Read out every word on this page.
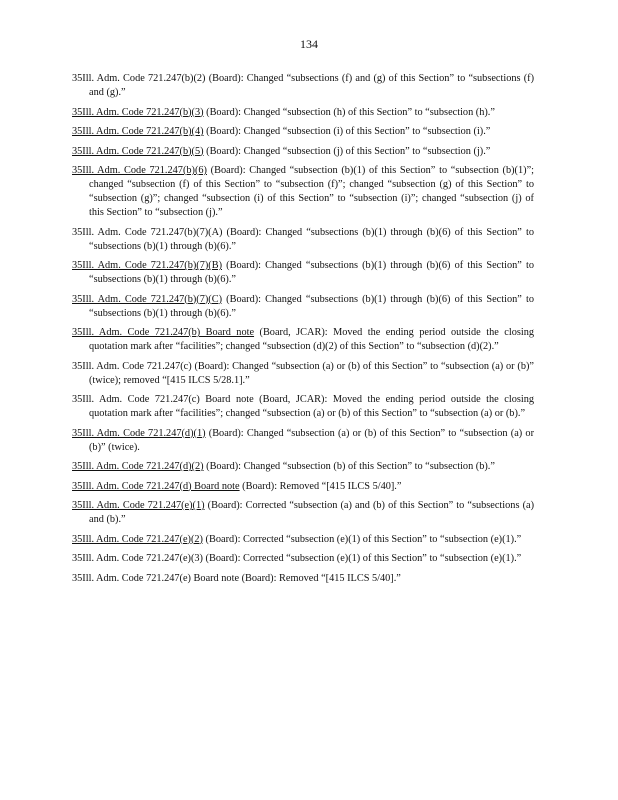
134
35Ill. Adm. Code 721.247(b)(2) (Board): Changed “subsections (f) and (g) of this Section” to “subsections (f) and (g).”
35Ill. Adm. Code 721.247(b)(3) (Board): Changed “subsection (h) of this Section” to “subsection (h).”
35Ill. Adm. Code 721.247(b)(4) (Board): Changed “subsection (i) of this Section” to “subsection (i).”
35Ill. Adm. Code 721.247(b)(5) (Board): Changed “subsection (j) of this Section” to “subsection (j).”
35Ill. Adm. Code 721.247(b)(6) (Board): Changed “subsection (b)(1) of this Section” to “subsection (b)(1)”; changed “subsection (f) of this Section” to “subsection (f)”; changed “subsection (g) of this Section” to “subsection (g)”; changed “subsection (i) of this Section” to “subsection (i)”; changed “subsection (j) of this Section” to “subsection (j).”
35Ill. Adm. Code 721.247(b)(7)(A) (Board): Changed “subsections (b)(1) through (b)(6) of this Section” to “subsections (b)(1) through (b)(6).”
35Ill. Adm. Code 721.247(b)(7)(B) (Board): Changed “subsections (b)(1) through (b)(6) of this Section” to “subsections (b)(1) through (b)(6).”
35Ill. Adm. Code 721.247(b)(7)(C) (Board): Changed “subsections (b)(1) through (b)(6) of this Section” to “subsections (b)(1) through (b)(6).”
35Ill. Adm. Code 721.247(b) Board note (Board, JCAR): Moved the ending period outside the closing quotation mark after “facilities”; changed “subsection (d)(2) of this Section” to “subsection (d)(2).”
35Ill. Adm. Code 721.247(c) (Board): Changed “subsection (a) or (b) of this Section” to “subsection (a) or (b)” (twice); removed “[415 ILCS 5/28.1].”
35Ill. Adm. Code 721.247(c) Board note (Board, JCAR): Moved the ending period outside the closing quotation mark after “facilities”; changed “subsection (a) or (b) of this Section” to “subsection (a) or (b).”
35Ill. Adm. Code 721.247(d)(1) (Board): Changed “subsection (a) or (b) of this Section” to “subsection (a) or (b)” (twice).
35Ill. Adm. Code 721.247(d)(2) (Board): Changed “subsection (b) of this Section” to “subsection (b).”
35Ill. Adm. Code 721.247(d) Board note (Board): Removed “[415 ILCS 5/40].”
35Ill. Adm. Code 721.247(e)(1) (Board): Corrected “subsection (a) and (b) of this Section” to “subsections (a) and (b).”
35Ill. Adm. Code 721.247(e)(2) (Board): Corrected “subsection (e)(1) of this Section” to “subsection (e)(1).”
35Ill. Adm. Code 721.247(e)(3) (Board): Corrected “subsection (e)(1) of this Section” to “subsection (e)(1).”
35Ill. Adm. Code 721.247(e) Board note (Board): Removed “[415 ILCS 5/40].”
